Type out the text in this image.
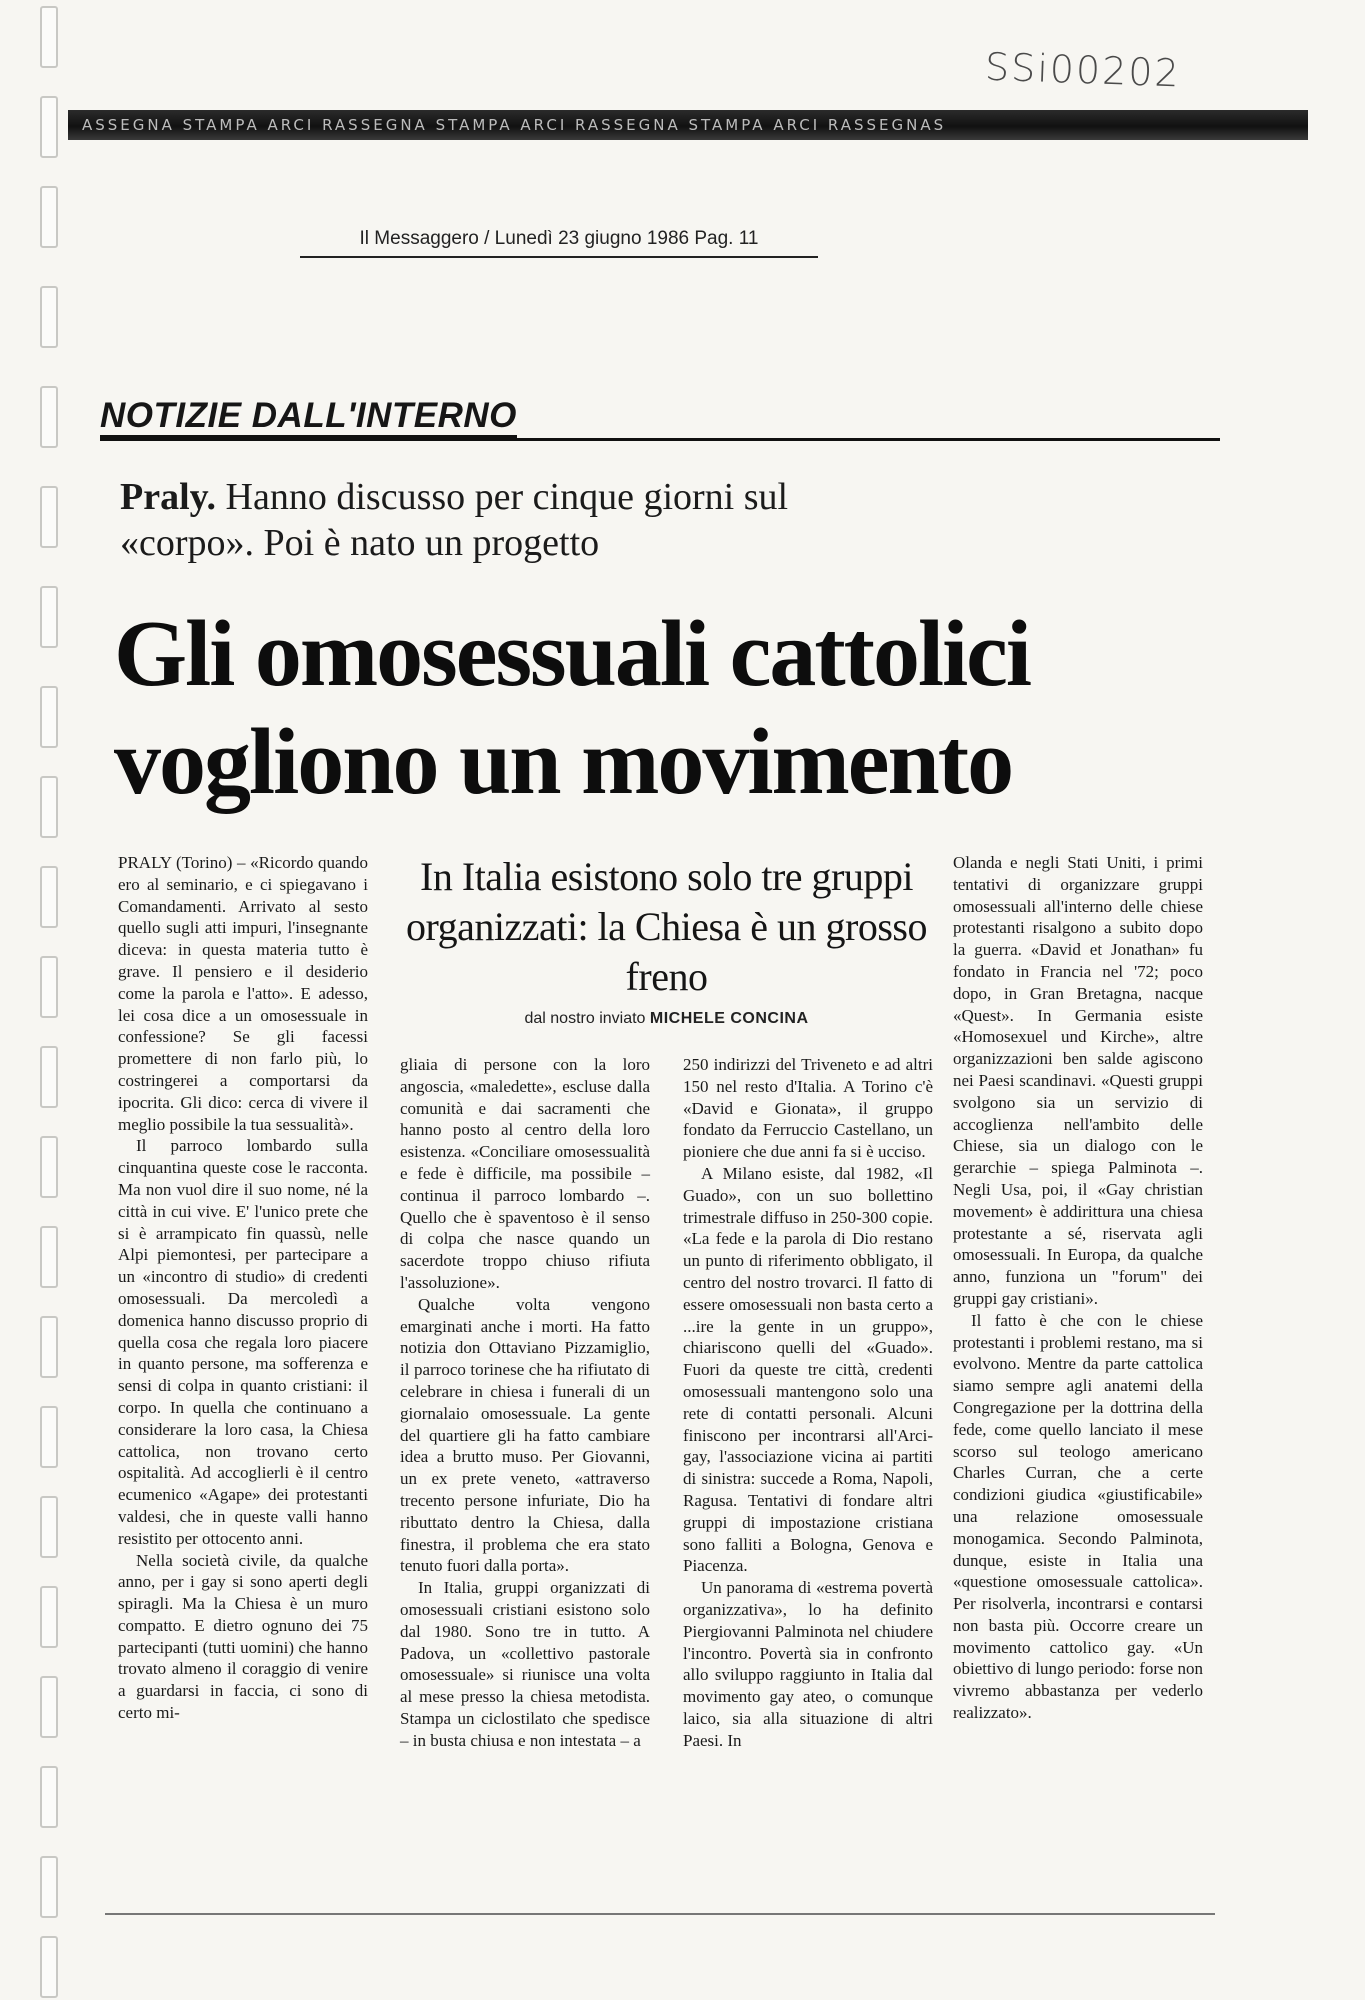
SSi00202
ASSEGNA STAMPA ARCI RASSEGNA STAMPA ARCI RASSEGNA STAMPA ARCI RASSEGNAS
Il Messaggero / Lunedì 23 giugno 1986 Pag. 11
NOTIZIE DALL'INTERNO
Praly. Hanno discusso per cinque giorni sul «corpo». Poi è nato un progetto
Gli omosessuali cattolici vogliono un movimento
In Italia esistono solo tre gruppi organizzati: la Chiesa è un grosso freno
dal nostro inviato MICHELE CONCINA

PRALY (Torino) – «Ricordo quando ero al seminario, e ci spiegavano i Comandamenti. Arrivato al sesto quello sugli atti impuri, l'insegnante diceva: in questa materia tutto è grave. Il pensiero e il desiderio come la parola e l'atto». E adesso, lei cosa dice a un omosessuale in confessione? Se gli facessi promettere di non farlo più, lo costringerei a comportarsi da ipocrita. Gli dico: cerca di vivere il meglio possibile la tua sessualità».

Il parroco lombardo sulla cinquantina queste cose le racconta. Ma non vuol dire il suo nome, né la città in cui vive. E' l'unico prete che si è arrampicato fin quassù, nelle Alpi piemontesi, per partecipare a un «incontro di studio» di credenti omosessuali. Da mercoledì a domenica hanno discusso proprio di quella cosa che regala loro piacere in quanto persone, ma sofferenza e sensi di colpa in quanto cristiani: il corpo. In quella che continuano a considerare la loro casa, la Chiesa cattolica, non trovano certo ospitalità. Ad accoglierli è il centro ecumenico «Agape» dei protestanti valdesi, che in queste valli hanno resistito per ottocento anni.

Nella società civile, da qualche anno, per i gay si sono aperti degli spiragli. Ma la Chiesa è un muro compatto. E dietro ognuno dei 75 partecipanti (tutti uomini) che hanno trovato almeno il coraggio di venire a guardarsi in faccia, ci sono di certo mi-

gliaia di persone con la loro angoscia, «maledette», escluse dalla comunità e dai sacramenti che hanno posto al centro della loro esistenza. «Conciliare omosessualità e fede è difficile, ma possibile – continua il parroco lombardo –. Quello che è spaventoso è il senso di colpa che nasce quando un sacerdote troppo chiuso rifiuta l'assoluzione».

Qualche volta vengono emarginati anche i morti. Ha fatto notizia don Ottaviano Pizzamiglio, il parroco torinese che ha rifiutato di celebrare in chiesa i funerali di un giornalaio omosessuale. La gente del quartiere gli ha fatto cambiare idea a brutto muso. Per Giovanni, un ex prete veneto, «attraverso trecento persone infuriate, Dio ha ributtato dentro la Chiesa, dalla finestra, il problema che era stato tenuto fuori dalla porta».

In Italia, gruppi organizzati di omosessuali cristiani esistono solo dal 1980. Sono tre in tutto. A Padova, un «collettivo pastorale omosessuale» si riunisce una volta al mese presso la chiesa metodista. Stampa un ciclostilato che spedisce – in busta chiusa e non intestata – a

250 indirizzi del Triveneto e ad altri 150 nel resto d'Italia. A Torino c'è «David e Gionata», il gruppo fondato da Ferruccio Castellano, un pioniere che due anni fa si è ucciso.

A Milano esiste, dal 1982, «Il Guado», con un suo bollettino trimestrale diffuso in 250-300 copie. «La fede e la parola di Dio restano un punto di riferimento obbligato, il centro del nostro trovarci. Il fatto di essere omosessuali non basta certo a ...ire la gente in un gruppo», chiariscono quelli del «Guado». Fuori da queste tre città, credenti omosessuali mantengono solo una rete di contatti personali. Alcuni finiscono per incontrarsi all'Arci-gay, l'associazione vicina ai partiti di sinistra: succede a Roma, Napoli, Ragusa. Tentativi di fondare altri gruppi di impostazione cristiana sono falliti a Bologna, Genova e Piacenza.

Un panorama di «estrema povertà organizzativa», lo ha definito Piergiovanni Palminota nel chiudere l'incontro. Povertà sia in confronto allo sviluppo raggiunto in Italia dal movimento gay ateo, o comunque laico, sia alla situazione di altri Paesi. In

Olanda e negli Stati Uniti, i primi tentativi di organizzare gruppi omosessuali all'interno delle chiese protestanti risalgono a subito dopo la guerra. «David et Jonathan» fu fondato in Francia nel '72; poco dopo, in Gran Bretagna, nacque «Quest». In Germania esiste «Homosexuel und Kirche», altre organizzazioni ben salde agiscono nei Paesi scandinavi. «Questi gruppi svolgono sia un servizio di accoglienza nell'ambito delle Chiese, sia un dialogo con le gerarchie – spiega Palminota –. Negli Usa, poi, il «Gay christian movement» è addirittura una chiesa protestante a sé, riservata agli omosessuali. In Europa, da qualche anno, funziona un "forum" dei gruppi gay cristiani».

Il fatto è che con le chiese protestanti i problemi restano, ma si evolvono. Mentre da parte cattolica siamo sempre agli anatemi della Congregazione per la dottrina della fede, come quello lanciato il mese scorso sul teologo americano Charles Curran, che a certe condizioni giudica «giustificabile» una relazione omosessuale monogamica. Secondo Palminota, dunque, esiste in Italia una «questione omosessuale cattolica». Per risolverla, incontrarsi e contarsi non basta più. Occorre creare un movimento cattolico gay. «Un obiettivo di lungo periodo: forse non vivremo abbastanza per vederlo realizzato».
